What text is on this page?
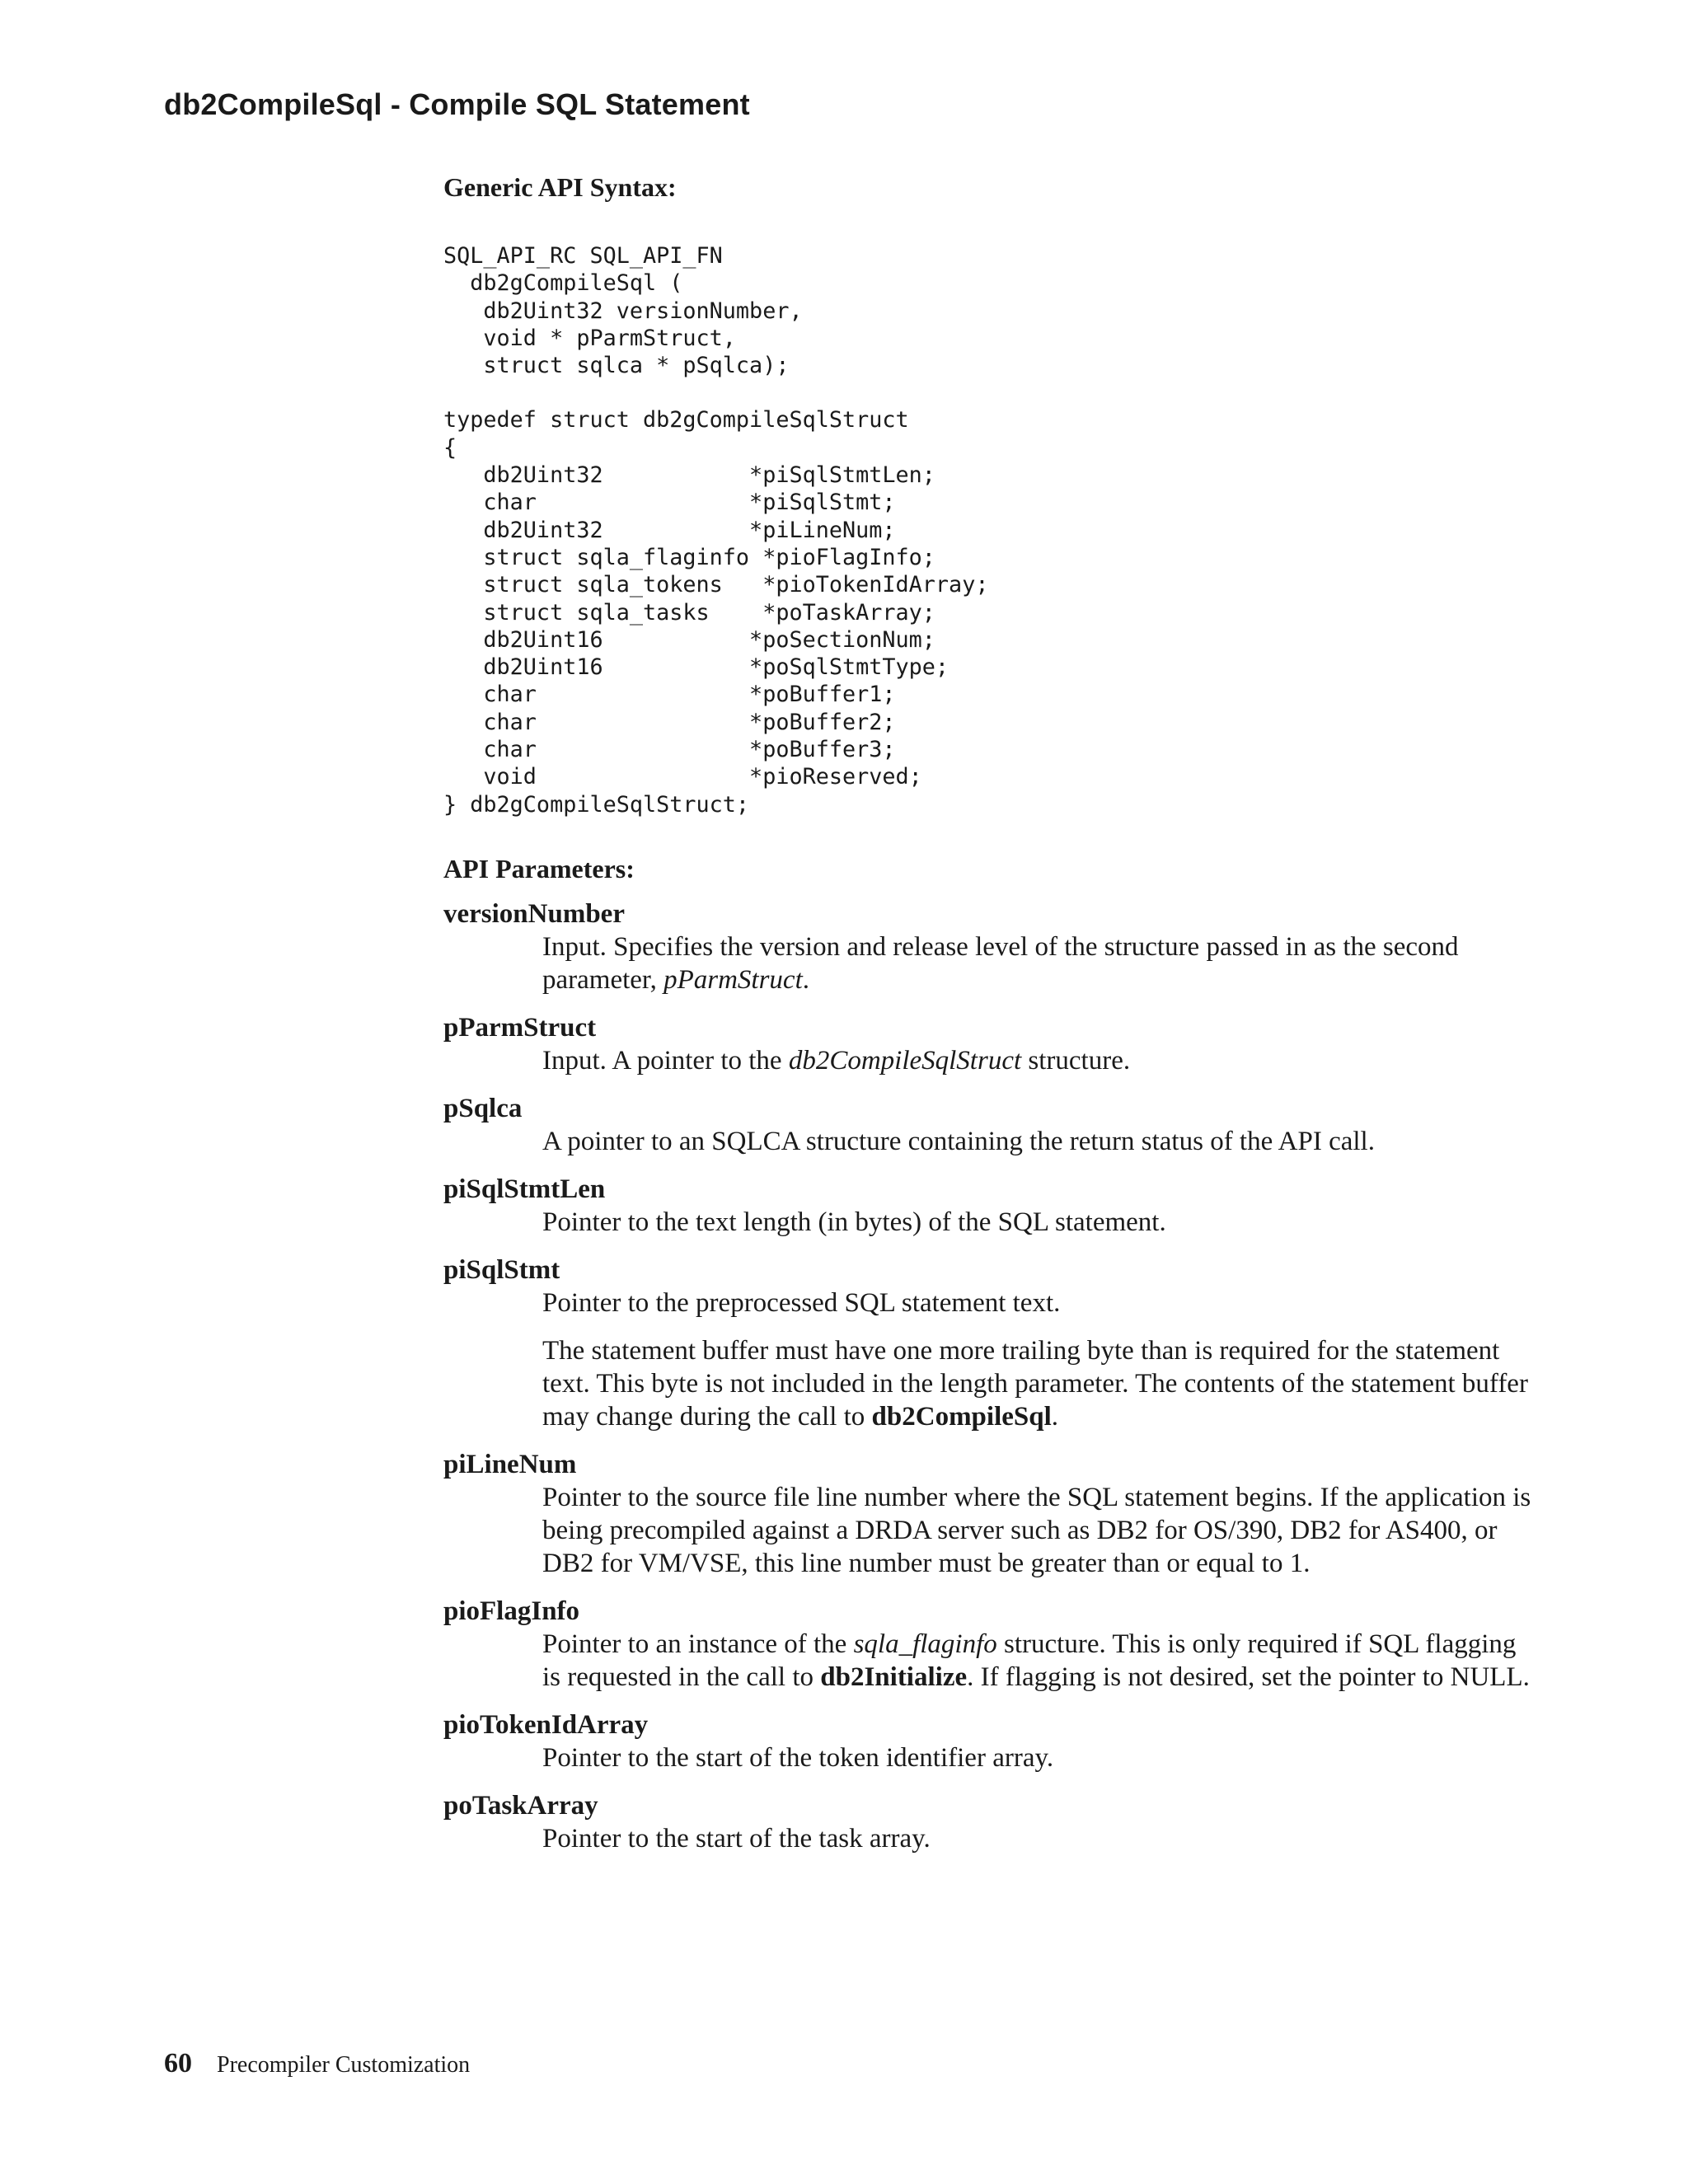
db2CompileSql - Compile SQL Statement
Generic API Syntax:
SQL_API_RC SQL_API_FN
db2gCompileSql (
db2Uint32 versionNumber,
void * pParmStruct,
struct sqlca * pSqlca);
typedef struct db2gCompileSqlStruct
{
db2Uint32           *piSqlStmtLen;
char                *piSqlStmt;
db2Uint32           *piLineNum;
struct sqla_flaginfo *pioFlagInfo;
struct sqla_tokens   *pioTokenIdArray;
struct sqla_tasks    *poTaskArray;
db2Uint16           *poSectionNum;
db2Uint16           *poSqlStmtType;
char                *poBuffer1;
char                *poBuffer2;
char                *poBuffer3;
void                *pioReserved;
} db2gCompileSqlStruct;
API Parameters:
versionNumber

Input. Specifies the version and release level of the structure passed in as the second parameter, pParmStruct.

pParmStruct

Input. A pointer to the db2CompileSqlStruct structure.

pSqlca

A pointer to an SQLCA structure containing the return status of the API call.

piSqlStmtLen

Pointer to the text length (in bytes) of the SQL statement.

piSqlStmt

Pointer to the preprocessed SQL statement text.

The statement buffer must have one more trailing byte than is required for the statement text. This byte is not included in the length parameter. The contents of the statement buffer may change during the call to db2CompileSql.

piLineNum

Pointer to the source file line number where the SQL statement begins. If the application is being precompiled against a DRDA server such as DB2 for OS/390, DB2 for AS400, or DB2 for VM/VSE, this line number must be greater than or equal to 1.

pioFlagInfo

Pointer to an instance of the sqla_flaginfo structure. This is only required if SQL flagging is requested in the call to db2Initialize. If flagging is not desired, set the pointer to NULL.

pioTokenIdArray

Pointer to the start of the token identifier array.

poTaskArray

Pointer to the start of the task array.

60 Precompiler Customization
